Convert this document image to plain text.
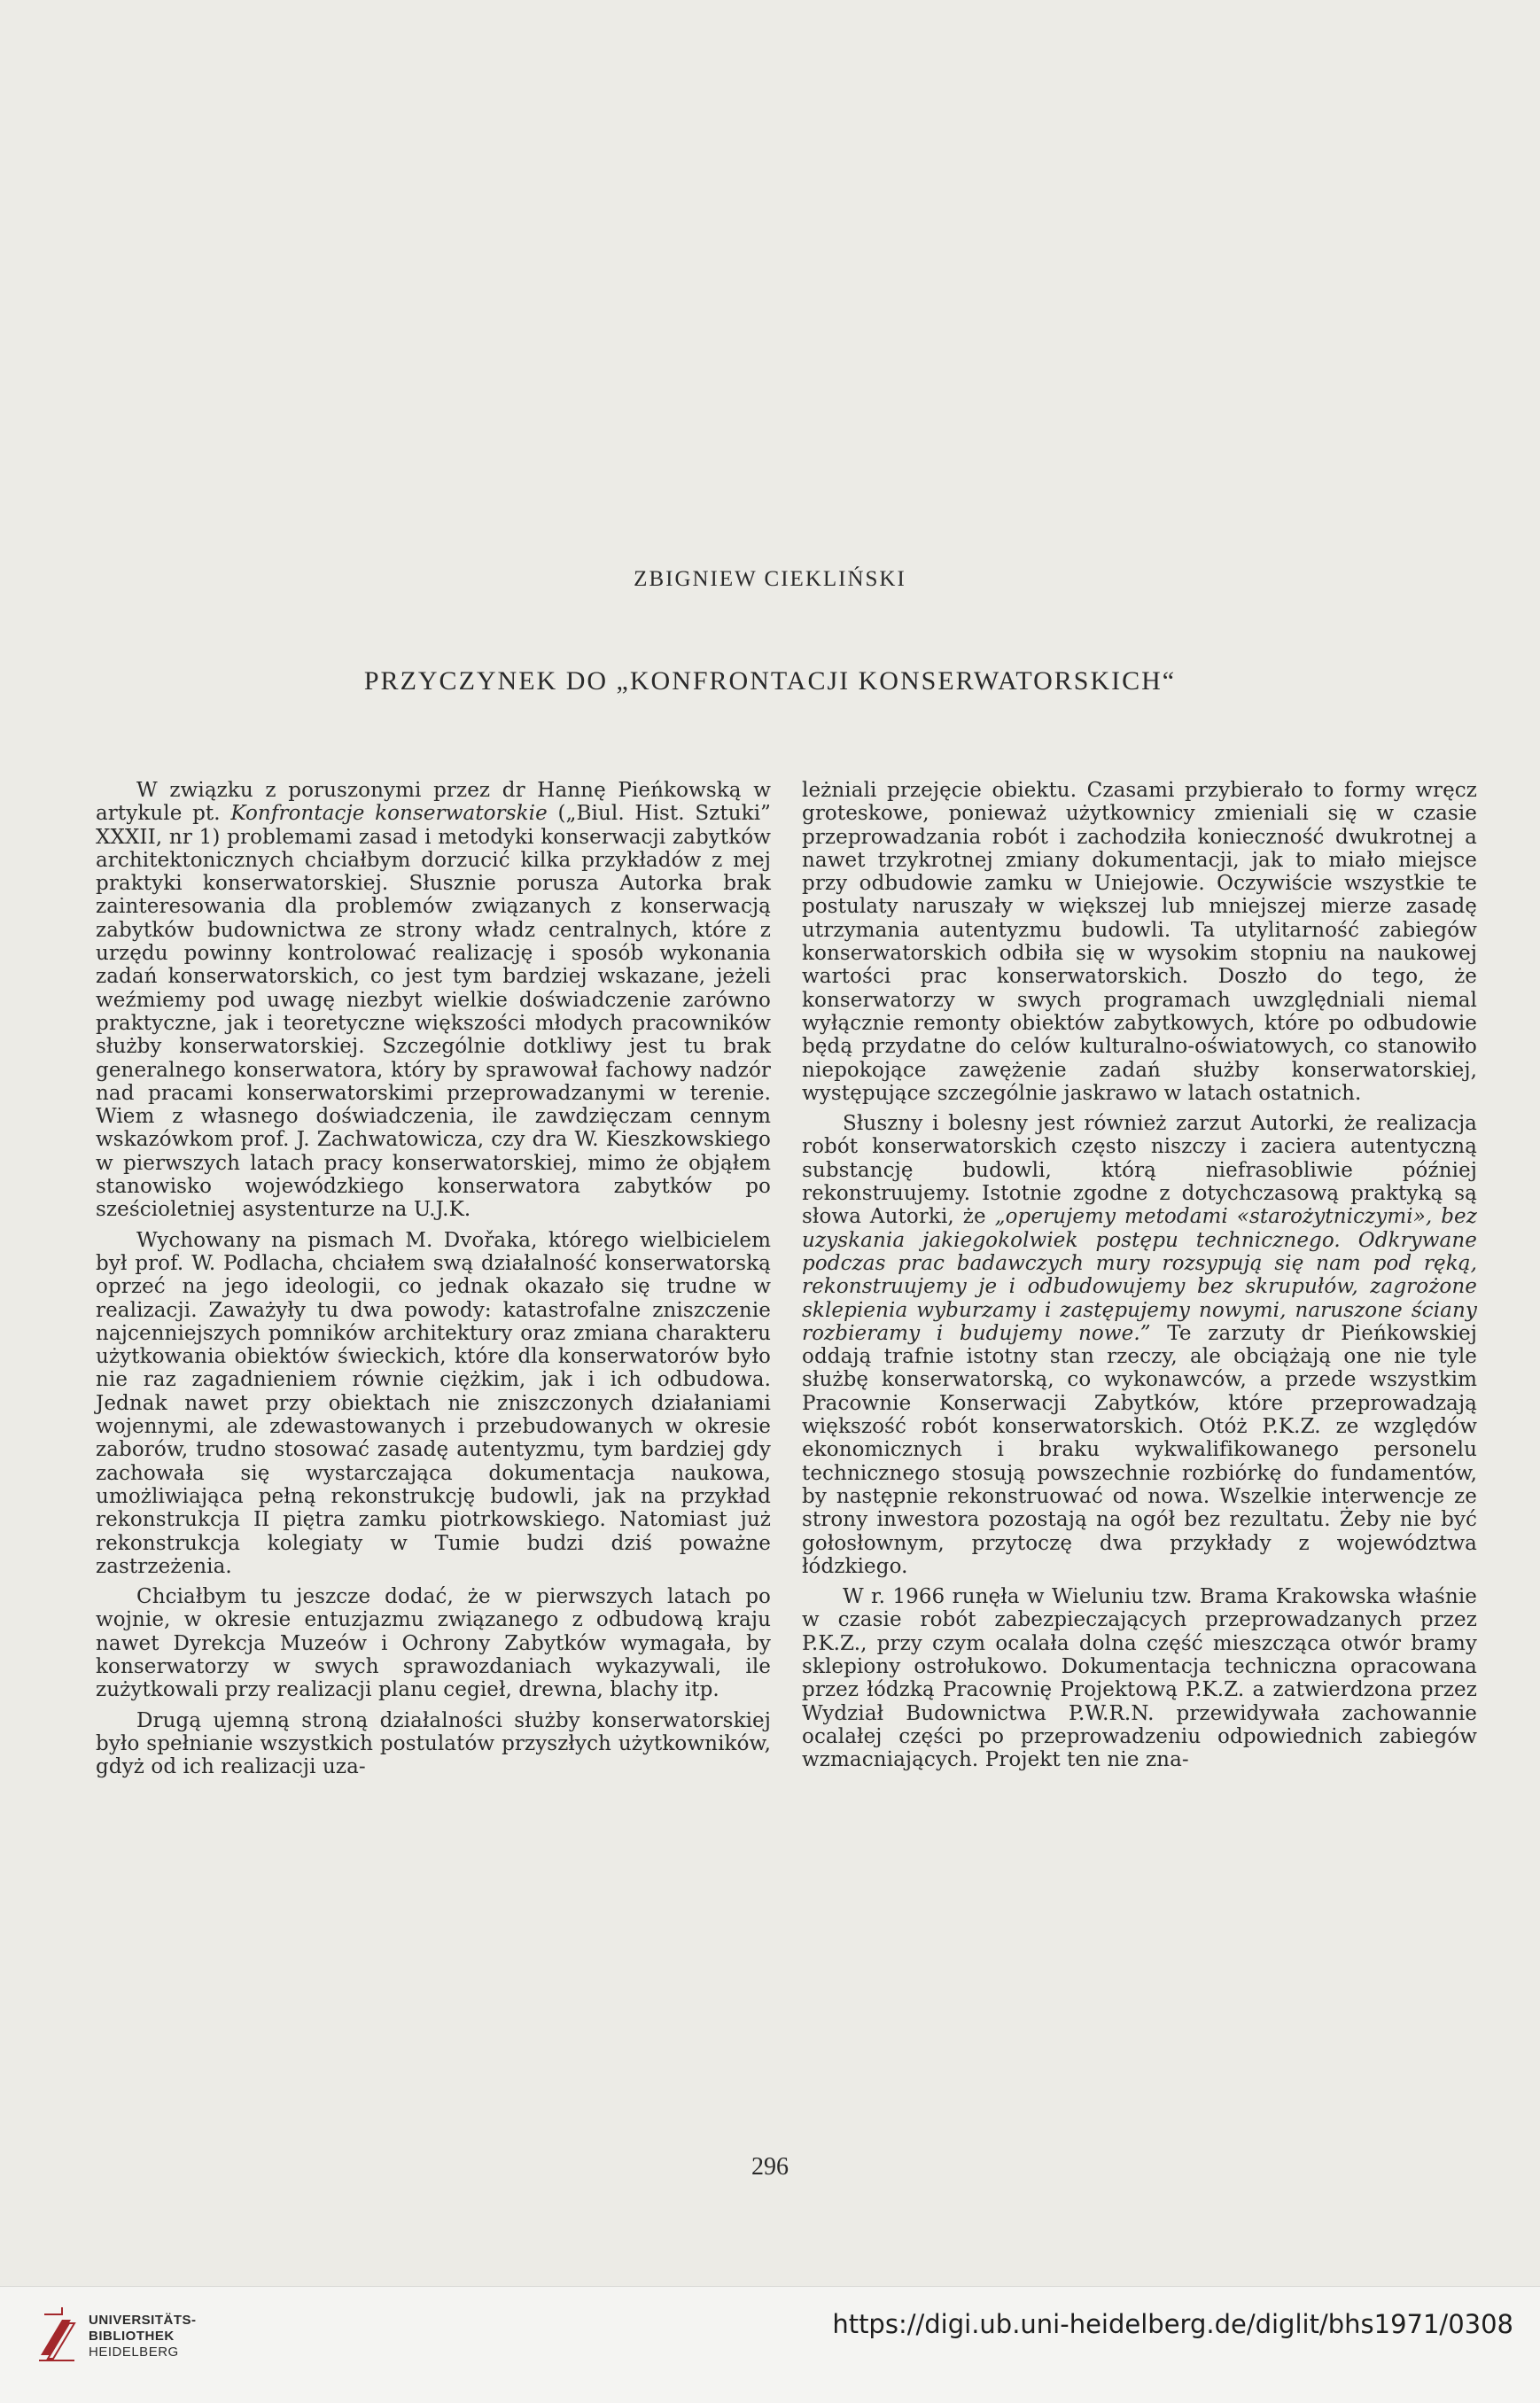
ZBIGNIEW CIEKLIŃSKI
PRZYCZYNEK DO „KONFRONTACJI KONSERWATORSKICH“

W związku z poruszonymi przez dr Hannę Pieńkowską w artykule pt. Konfrontacje konserwatorskie („Biul. Hist. Sztuki” XXXII, nr 1) problemami zasad i metodyki konserwacji zabytków architektonicznych chciałbym dorzucić kilka przykładów z mej praktyki konserwatorskiej. Słusznie porusza Autorka brak zainteresowania dla problemów związanych z konserwacją zabytków budownictwa ze strony władz centralnych, które z urzędu powinny kontrolować realizację i sposób wykonania zadań konserwatorskich, co jest tym bardziej wskazane, jeżeli weźmiemy pod uwagę niezbyt wielkie doświadczenie zarówno praktyczne, jak i teoretyczne większości młodych pracowników służby konserwatorskiej. Szczególnie dotkliwy jest tu brak generalnego konserwatora, który by sprawował fachowy nadzór nad pracami konserwatorskimi przeprowadzanymi w terenie. Wiem z własnego doświadczenia, ile zawdzięczam cennym wskazówkom prof. J. Zachwatowicza, czy dra W. Kieszkowskiego w pierwszych latach pracy konserwatorskiej, mimo że objąłem stanowisko wojewódzkiego konserwatora zabytków po sześcioletniej asystenturze na U.J.K.

Wychowany na pismach M. Dvořaka, którego wielbicielem był prof. W. Podlacha, chciałem swą działalność konserwatorską oprzeć na jego ideologii, co jednak okazało się trudne w realizacji. Zaważyły tu dwa powody: katastrofalne zniszczenie najcenniejszych pomników architektury oraz zmiana charakteru użytkowania obiektów świeckich, które dla konserwatorów było nie raz zagadnieniem równie ciężkim, jak i ich odbudowa. Jednak nawet przy obiektach nie zniszczonych działaniami wojennymi, ale zdewastowanych i przebudowanych w okresie zaborów, trudno stosować zasadę autentyzmu, tym bardziej gdy zachowała się wystarczająca dokumentacja naukowa, umożliwiająca pełną rekonstrukcję budowli, jak na przykład rekonstrukcja II piętra zamku piotrkowskiego. Natomiast już rekonstrukcja kolegiaty w Tumie budzi dziś poważne zastrzeżenia.

Chciałbym tu jeszcze dodać, że w pierwszych latach po wojnie, w okresie entuzjazmu związanego z odbudową kraju nawet Dyrekcja Muzeów i Ochrony Zabytków wymagała, by konserwatorzy w swych sprawozdaniach wykazywali, ile zużytkowali przy realizacji planu cegieł, drewna, blachy itp.

Drugą ujemną stroną działalności służby konserwatorskiej było spełnianie wszystkich postulatów przyszłych użytkowników, gdyż od ich realizacji uza-

leżniali przejęcie obiektu. Czasami przybierało to formy wręcz groteskowe, ponieważ użytkownicy zmieniali się w czasie przeprowadzania robót i zachodziła konieczność dwukrotnej a nawet trzykrotnej zmiany dokumentacji, jak to miało miejsce przy odbudowie zamku w Uniejowie. Oczywiście wszystkie te postulaty naruszały w większej lub mniejszej mierze zasadę utrzymania autentyzmu budowli. Ta utylitarność zabiegów konserwatorskich odbiła się w wysokim stopniu na naukowej wartości prac konserwatorskich. Doszło do tego, że konserwatorzy w swych programach uwzględniali niemal wyłącznie remonty obiektów zabytkowych, które po odbudowie będą przydatne do celów kulturalno-oświatowych, co stanowiło niepokojące zawężenie zadań służby konserwatorskiej, występujące szczególnie jaskrawo w latach ostatnich.

Słuszny i bolesny jest również zarzut Autorki, że realizacja robót konserwatorskich często niszczy i zaciera autentyczną substancję budowli, którą niefrasobliwie później rekonstruujemy. Istotnie zgodne z dotychczasową praktyką są słowa Autorki, że „operujemy metodami «starożytniczymi», bez uzyskania jakiegokolwiek postępu technicznego. Odkrywane podczas prac badawczych mury rozsypują się nam pod ręką, rekonstruujemy je i odbudowujemy bez skrupułów, zagrożone sklepienia wyburzamy i zastępujemy nowymi, naruszone ściany rozbieramy i budujemy nowe.” Te zarzuty dr Pieńkowskiej oddają trafnie istotny stan rzeczy, ale obciążają one nie tyle służbę konserwatorską, co wykonawców, a przede wszystkim Pracownie Konserwacji Zabytków, które przeprowadzają większość robót konserwatorskich. Otóż P.K.Z. ze względów ekonomicznych i braku wykwalifikowanego personelu technicznego stosują powszechnie rozbiórkę do fundamentów, by następnie rekonstruować od nowa. Wszelkie interwencje ze strony inwestora pozostają na ogół bez rezultatu. Żeby nie być gołosłownym, przytoczę dwa przykłady z województwa łódzkiego.

W r. 1966 runęła w Wieluniu tzw. Brama Krakowska właśnie w czasie robót zabezpieczających przeprowadzanych przez P.K.Z., przy czym ocalała dolna część mieszcząca otwór bramy sklepiony ostrołukowo. Dokumentacja techniczna opracowana przez łódzką Pracownię Projektową P.K.Z. a zatwierdzona przez Wydział Budownictwa P.W.R.N. przewidywała zachowannie ocalałej części po przeprowadzeniu odpowiednich zabiegów wzmacniających. Projekt ten nie zna-

296
UNIVERSITÄTS-
BIBLIOTHEK
HEIDELBERG
https://digi.ub.uni-heidelberg.de/diglit/bhs1971/0308
